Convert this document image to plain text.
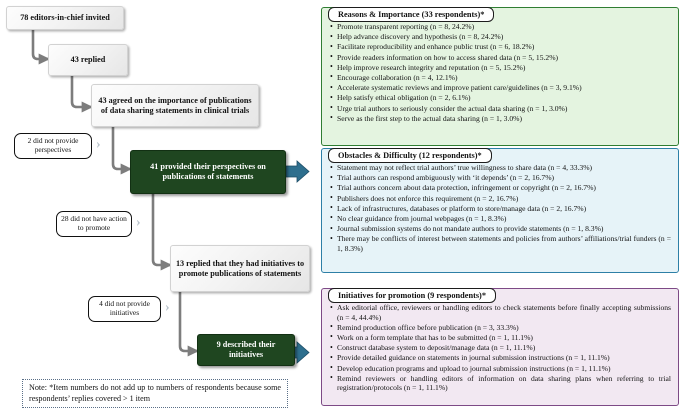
78 editors-in-chief invited
43 replied
43 agreed on the importance of publications of data sharing statements in clinical trials
41 provided their perspectives on publications of statements
13 replied that they had initiatives to promote publications of statements
9 described their initiatives
2 did not provide perspectives	›
28 did not have action to promote	›
4 did not provide initiatives	›
Note: *Item numbers do not add up to numbers of respondents because some respondents’ replies covered > 1 item
Reasons & Importance (33 respondents)*
• Promote transparent reporting (n = 8, 24.2%)
• Help advance discovery and hypothesis (n = 8, 24.2%)
• Facilitate reproducibility and enhance public trust (n = 6, 18.2%)
• Provide readers information on how to access shared data (n = 5, 15.2%)
• Help improve research integrity and reputation (n = 5, 15.2%)
• Encourage collaboration (n = 4, 12.1%)
• Accelerate systematic reviews and improve patient care/guidelines (n = 3, 9.1%)
• Help satisfy ethical obligation (n = 2, 6.1%)
• Urge trial authors to seriously consider the actual data sharing (n = 1, 3.0%)
• Serve as the first step to the actual data sharing (n = 1, 3.0%)
Obstacles & Difficulty (12 respondents)*
• Statement may not reflect trial authors’ true willingness to share data (n = 4, 33.3%)
• Trial authors can respond ambiguously with ‘it depends’ (n = 2, 16.7%)
• Trial authors concern about data protection, infringement or copyright (n = 2, 16.7%)
• Publishers does not enforce this requirement (n = 2, 16.7%)
• Lack of infrastructures, databases or platform to store/manage data (n = 2, 16.7%)
• No clear guidance from journal webpages (n = 1, 8.3%)
• Journal submission systems do not mandate authors to provide statements (n = 1, 8.3%)
• There may be conflicts of interest between statements and policies from authors’ affiliations/trial funders (n = 1, 8.3%)
Initiatives for promotion (9 respondents)*
• Ask editorial office, reviewers or handling editors to check statements before finally accepting submissions (n = 4, 44.4%)
• Remind production office before publication (n = 3, 33.3%)
• Work on a form template that has to be submitted (n = 1, 11.1%)
• Construct database system to deposit/manage data (n = 1, 11.1%)
• Provide detailed guidance on statements in journal submission instructions (n = 1, 11.1%)
• Develop education programs and upload to journal submission instructions (n = 1, 11.1%)
• Remind reviewers or handling editors of information on data sharing plans when referring to trial registration/protocols (n = 1, 11.1%)
